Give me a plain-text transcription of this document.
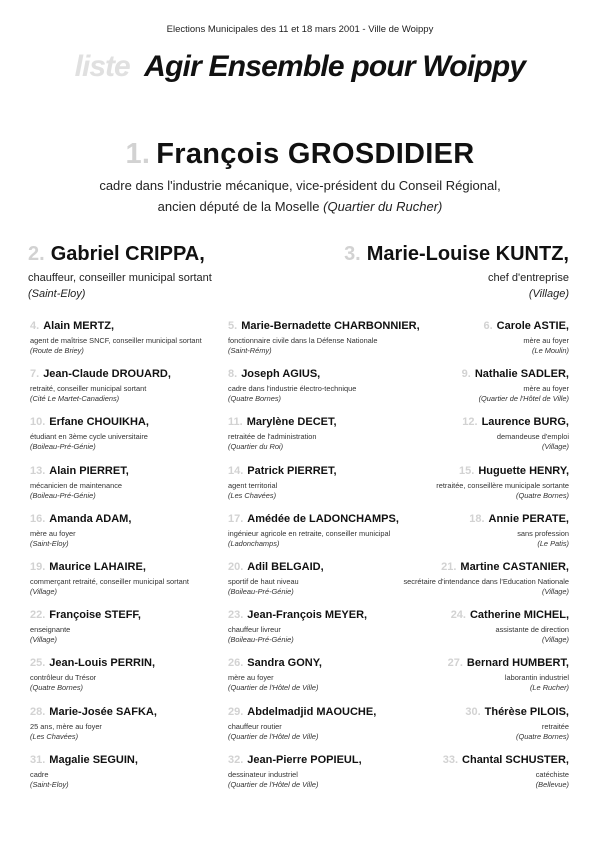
Elections Municipales des 11 et 18 mars 2001 - Ville de Woippy
liste Agir Ensemble pour Woippy
1. François GROSDIDIER
cadre dans l'industrie mécanique, vice-président du Conseil Régional,
ancien député de la Moselle (Quartier du Rucher)
2. Gabriel CRIPPA,
chauffeur, conseiller municipal sortant
(Saint-Eloy)
3. Marie-Louise KUNTZ,
chef d'entreprise
(Village)
4. Alain MERTZ,
agent de maîtrise SNCF, conseiller municipal sortant
(Route de Briey)
5. Marie-Bernadette CHARBONNIER,
fonctionnaire civile dans la Défense Nationale
(Saint-Rémy)
6. Carole ASTIE,
mère au foyer
(Le Moulin)
7. Jean-Claude DROUARD,
retraité, conseiller municipal sortant
(Cité Le Martet-Canadiens)
8. Joseph AGIUS,
cadre dans l'industrie électro-technique
(Quatre Bornes)
9. Nathalie SADLER,
mère au foyer
(Quartier de l'Hôtel de Ville)
10. Erfane CHOUIKHA,
étudiant en 3ème cycle universitaire
(Boileau-Pré-Génie)
11. Marylène DECET,
retraitée de l'administration
(Quartier du Roi)
12. Laurence BURG,
demandeuse d'emploi
(Village)
13. Alain PIERRET,
mécanicien de maintenance
(Boileau-Pré-Génie)
14. Patrick PIERRET,
agent territorial
(Les Chavées)
15. Huguette HENRY,
retraitée, conseillère municipale sortante
(Quatre Bornes)
16. Amanda ADAM,
mère au foyer
(Saint-Eloy)
17. Amédée de LADONCHAMPS,
ingénieur agricole en retraite, conseiller municipal
(Ladonchamps)
18. Annie PERATE,
sans profession
(Le Patis)
19. Maurice LAHAIRE,
commerçant retraité, conseiller municipal sortant
(Village)
20. Adil BELGAID,
sportif de haut niveau
(Boileau-Pré-Génie)
21. Martine CASTANIER,
secrétaire d'intendance dans l'Education Nationale
(Village)
22. Françoise STEFF,
enseignante
(Village)
23. Jean-François MEYER,
chauffeur livreur
(Boileau-Pré-Génie)
24. Catherine MICHEL,
assistante de direction
(Village)
25. Jean-Louis PERRIN,
contrôleur du Trésor
(Quatre Bornes)
26. Sandra GONY,
mère au foyer
(Quartier de l'Hôtel de Ville)
27. Bernard HUMBERT,
laborantin industriel
(Le Rucher)
28. Marie-Josée SAFKA,
25 ans, mère au foyer
(Les Chavées)
29. Abdelmadjid MAOUCHE,
chauffeur routier
(Quartier de l'Hôtel de Ville)
30. Thérèse PILOIS,
retraitée
(Quatre Bornes)
31. Magalie SEGUIN,
cadre
(Saint-Eloy)
32. Jean-Pierre POPIEUL,
dessinateur industriel
(Quartier de l'Hôtel de Ville)
33. Chantal SCHUSTER,
catéchiste
(Bellevue)
